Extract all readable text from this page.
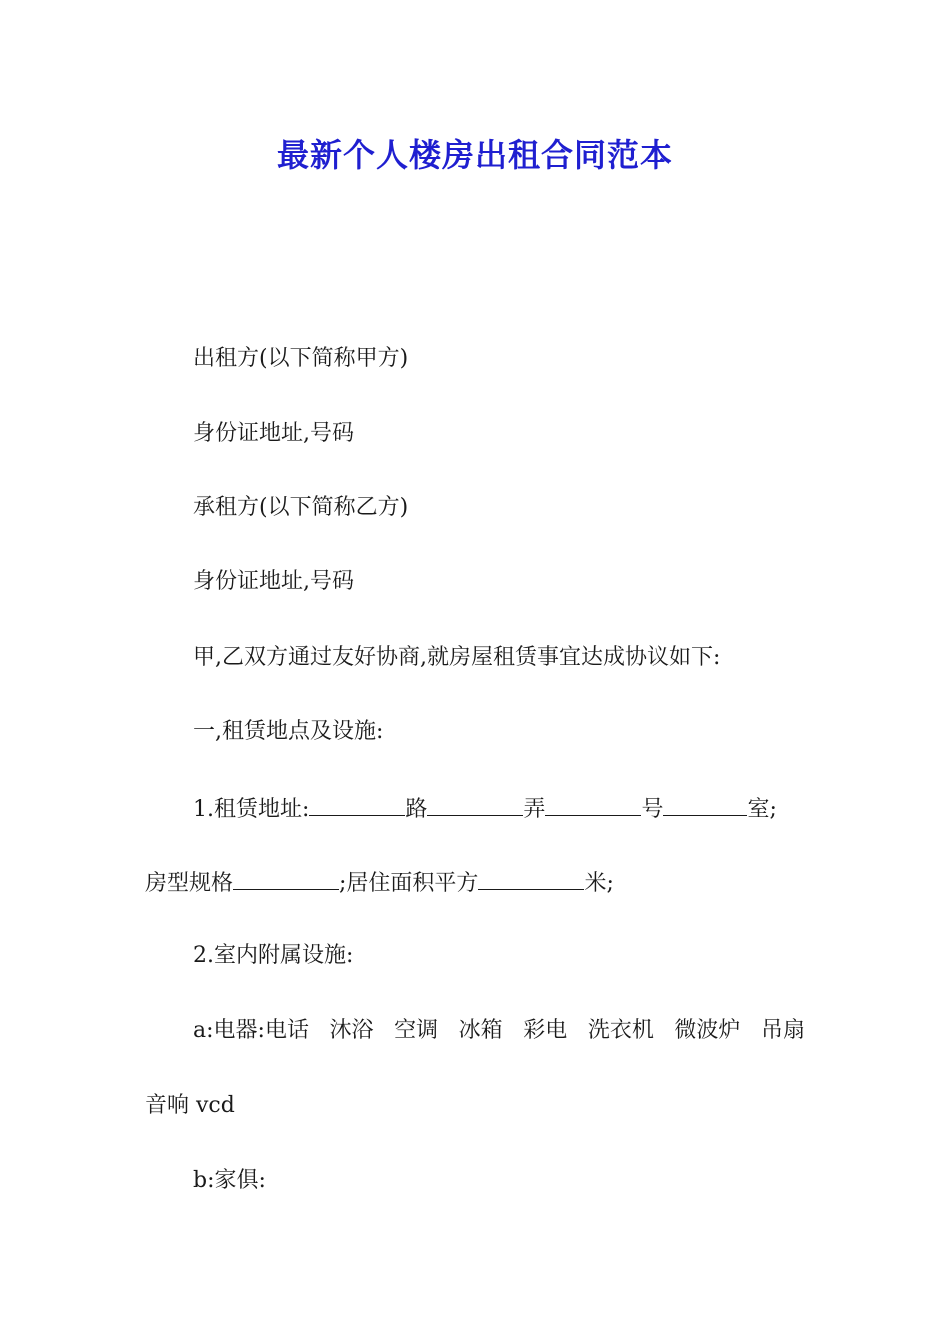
最新个人楼房出租合同范本
出租方(以下简称甲方)
身份证地址,号码
承租方(以下简称乙方)
身份证地址,号码
甲,乙双方通过友好协商,就房屋租赁事宜达成协议如下:
一,租赁地点及设施:
1.租赁地址:	路	弄	号	室;
房型规格	;居住面积平方	米;
2.室内附属设施:
a:电器:电话 沐浴 空调 冰箱 彩电 洗衣机 微波炉 吊扇
音响 vcd
b:家俱:
